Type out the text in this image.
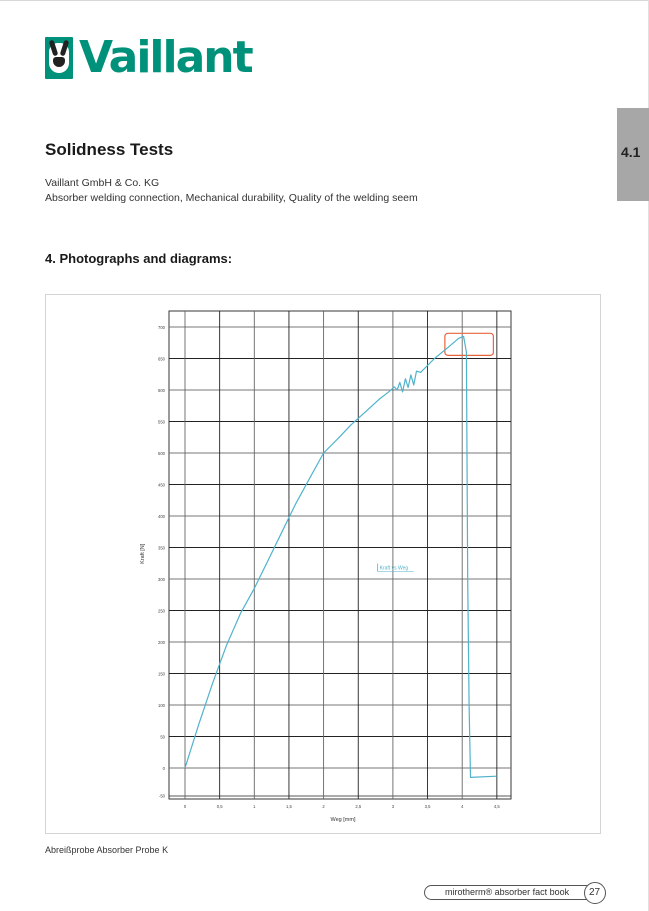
Vaillant
Solidness Tests
Vaillant GmbH & Co. KG
Absorber welding connection, Mechanical durability, Quality of the welding seem
4. Photographs and diagrams:
4.1
-50
0
50
100
150
200
250
300
350
400
450
500
550
600
650
700
0	0,5	1	1,5	2	2,5	3	3,5	4	4,5
Weg [mm]
Kraft [N]
Kraft vs Weg
Abreißprobe Absorber Probe K
mirotherm® absorber fact book 27
